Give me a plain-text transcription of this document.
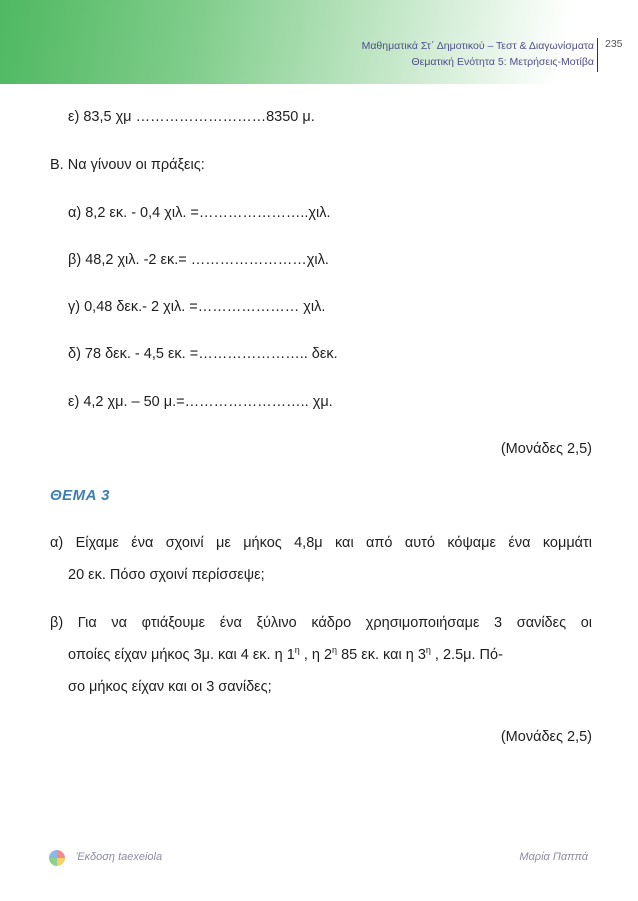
Μαθηματικά Στ΄ Δημοτικού – Τεστ & Διαγωνίσματα
Θεματική Ενότητα 5: Μετρήσεις-Μοτίβα
235
ε) 83,5 χμ ………………………8350 μ.
Β. Να γίνουν οι πράξεις:
α) 8,2 εκ. - 0,4 χιλ. =…………………..χιλ.
β) 48,2 χιλ. -2 εκ.= ……………………χιλ.
γ) 0,48 δεκ.- 2 χιλ. =………………… χιλ.
δ) 78 δεκ. - 4,5 εκ. =………………….. δεκ.
ε) 4,2 χμ. – 50 μ.=…………………….. χμ.
(Μονάδες 2,5)
ΘΕΜΑ 3
α) Είχαμε ένα σχοινί με μήκος 4,8μ και από αυτό κόψαμε ένα κομμάτι
20 εκ. Πόσο σχοινί περίσσεψε;
β) Για να φτιάξουμε ένα ξύλινο κάδρο χρησιμοποιήσαμε 3 σανίδες οι
οποίες είχαν μήκος 3μ. και 4 εκ. η $1^\eta$ , η $2^\eta$ 85 εκ. και η $3^\eta$ , 2.5μ. Πό-
σο μήκος είχαν και οι 3 σανίδες;
(Μονάδες 2,5)
Έκδοση taexeiola	Μαρία Παππά
